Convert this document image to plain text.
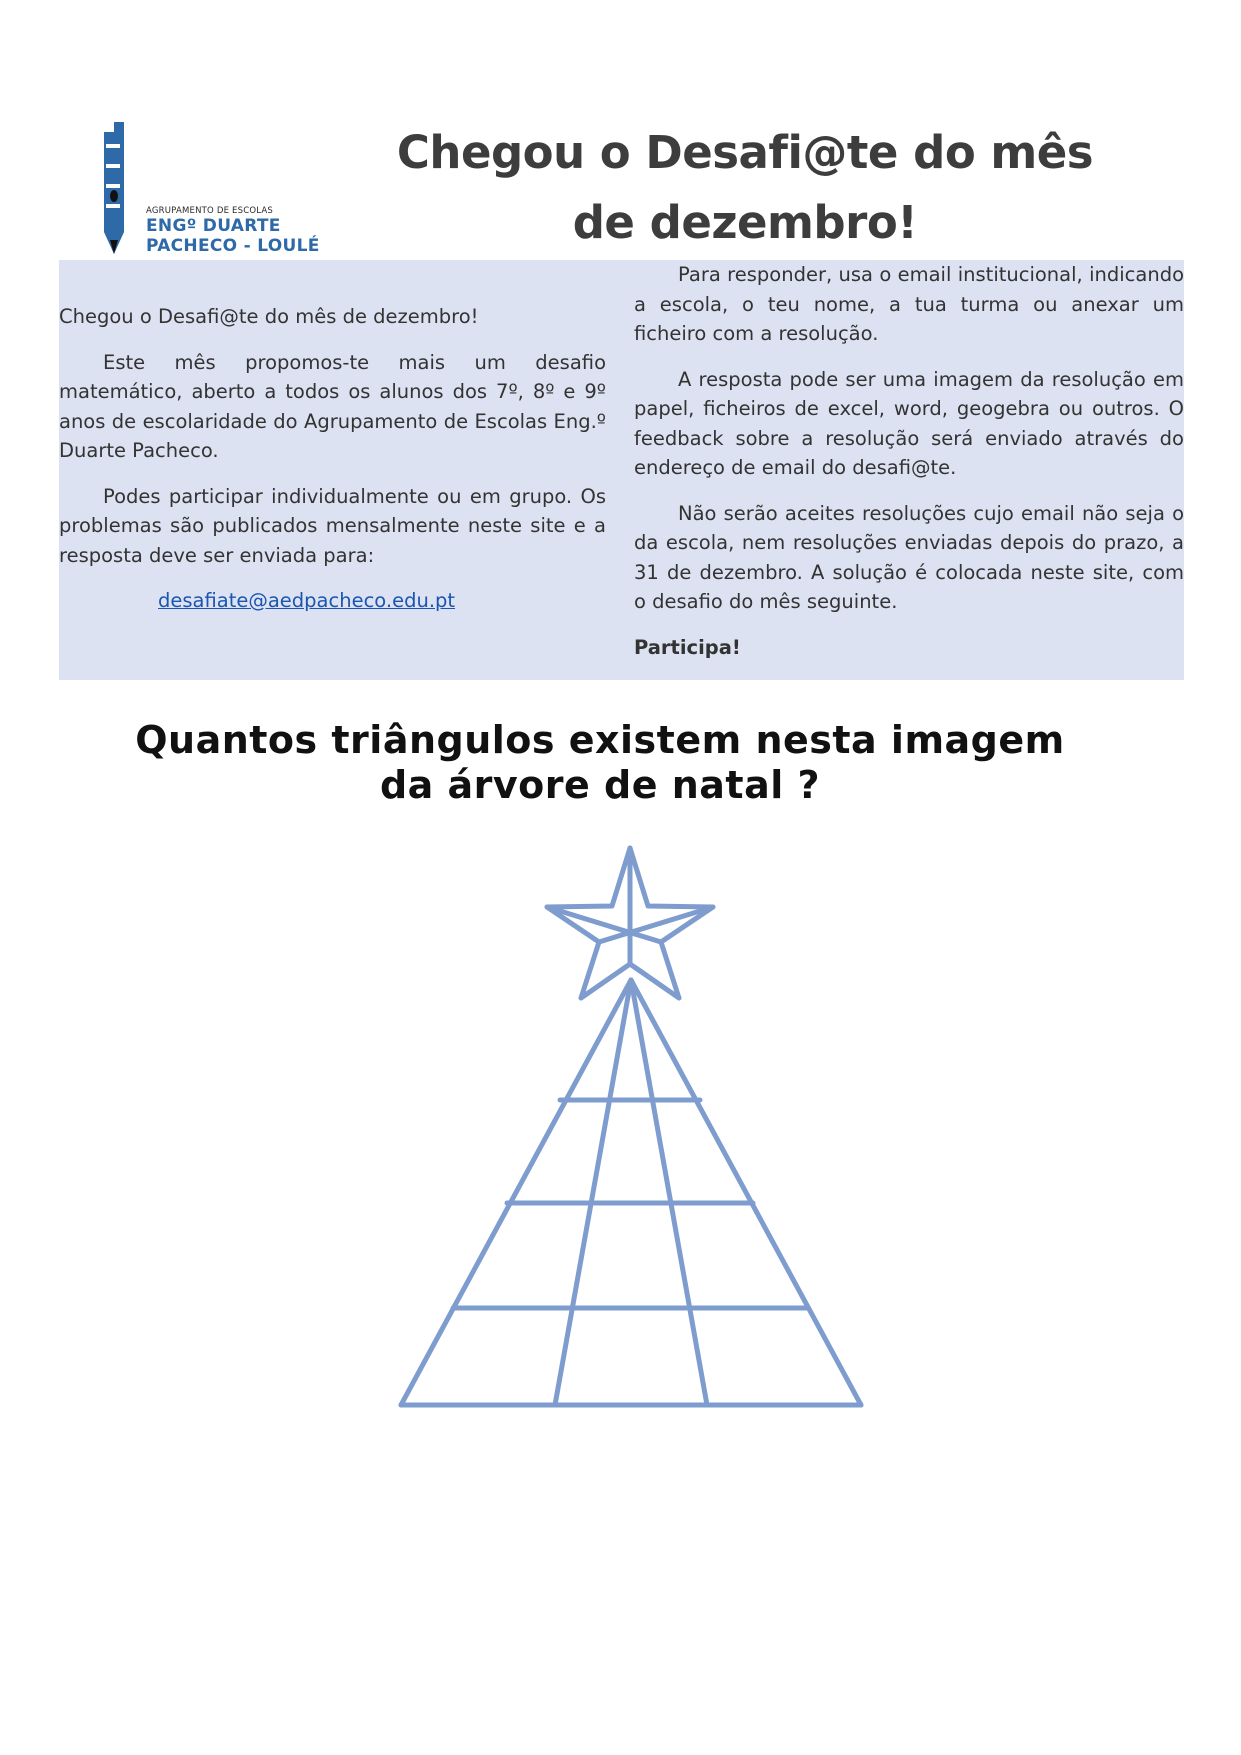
AGRUPAMENTO DE ESCOLAS
ENGº DUARTE
PACHECO - LOULÉ
Chegou o Desafi@te do mês de dezembro!

Chegou o Desafi@te do mês de dezembro!

Este mês propomos-te mais um desafio matemático, aberto a todos os alunos dos 7º, 8º e 9º anos de escolaridade do Agrupamento de Escolas Eng.º Duarte Pacheco.

Podes participar individualmente ou em grupo. Os problemas são publicados mensalmente neste site e a resposta deve ser enviada para:

desafiate@aedpacheco.edu.pt

Para responder, usa o email institucional, indicando a escola, o teu nome, a tua turma ou anexar um ficheiro com a resolução.

A resposta pode ser uma imagem da resolução em papel, ficheiros de excel, word, geogebra ou outros. O feedback sobre a resolução será enviado através do endereço de email do desafi@te.

Não serão aceites resoluções cujo email não seja o da escola, nem resoluções enviadas depois do prazo, a 31 de dezembro. A solução é colocada neste site, com o desafio do mês seguinte.

Participa!

Quantos triângulos existem nesta imagem da árvore de natal ?
